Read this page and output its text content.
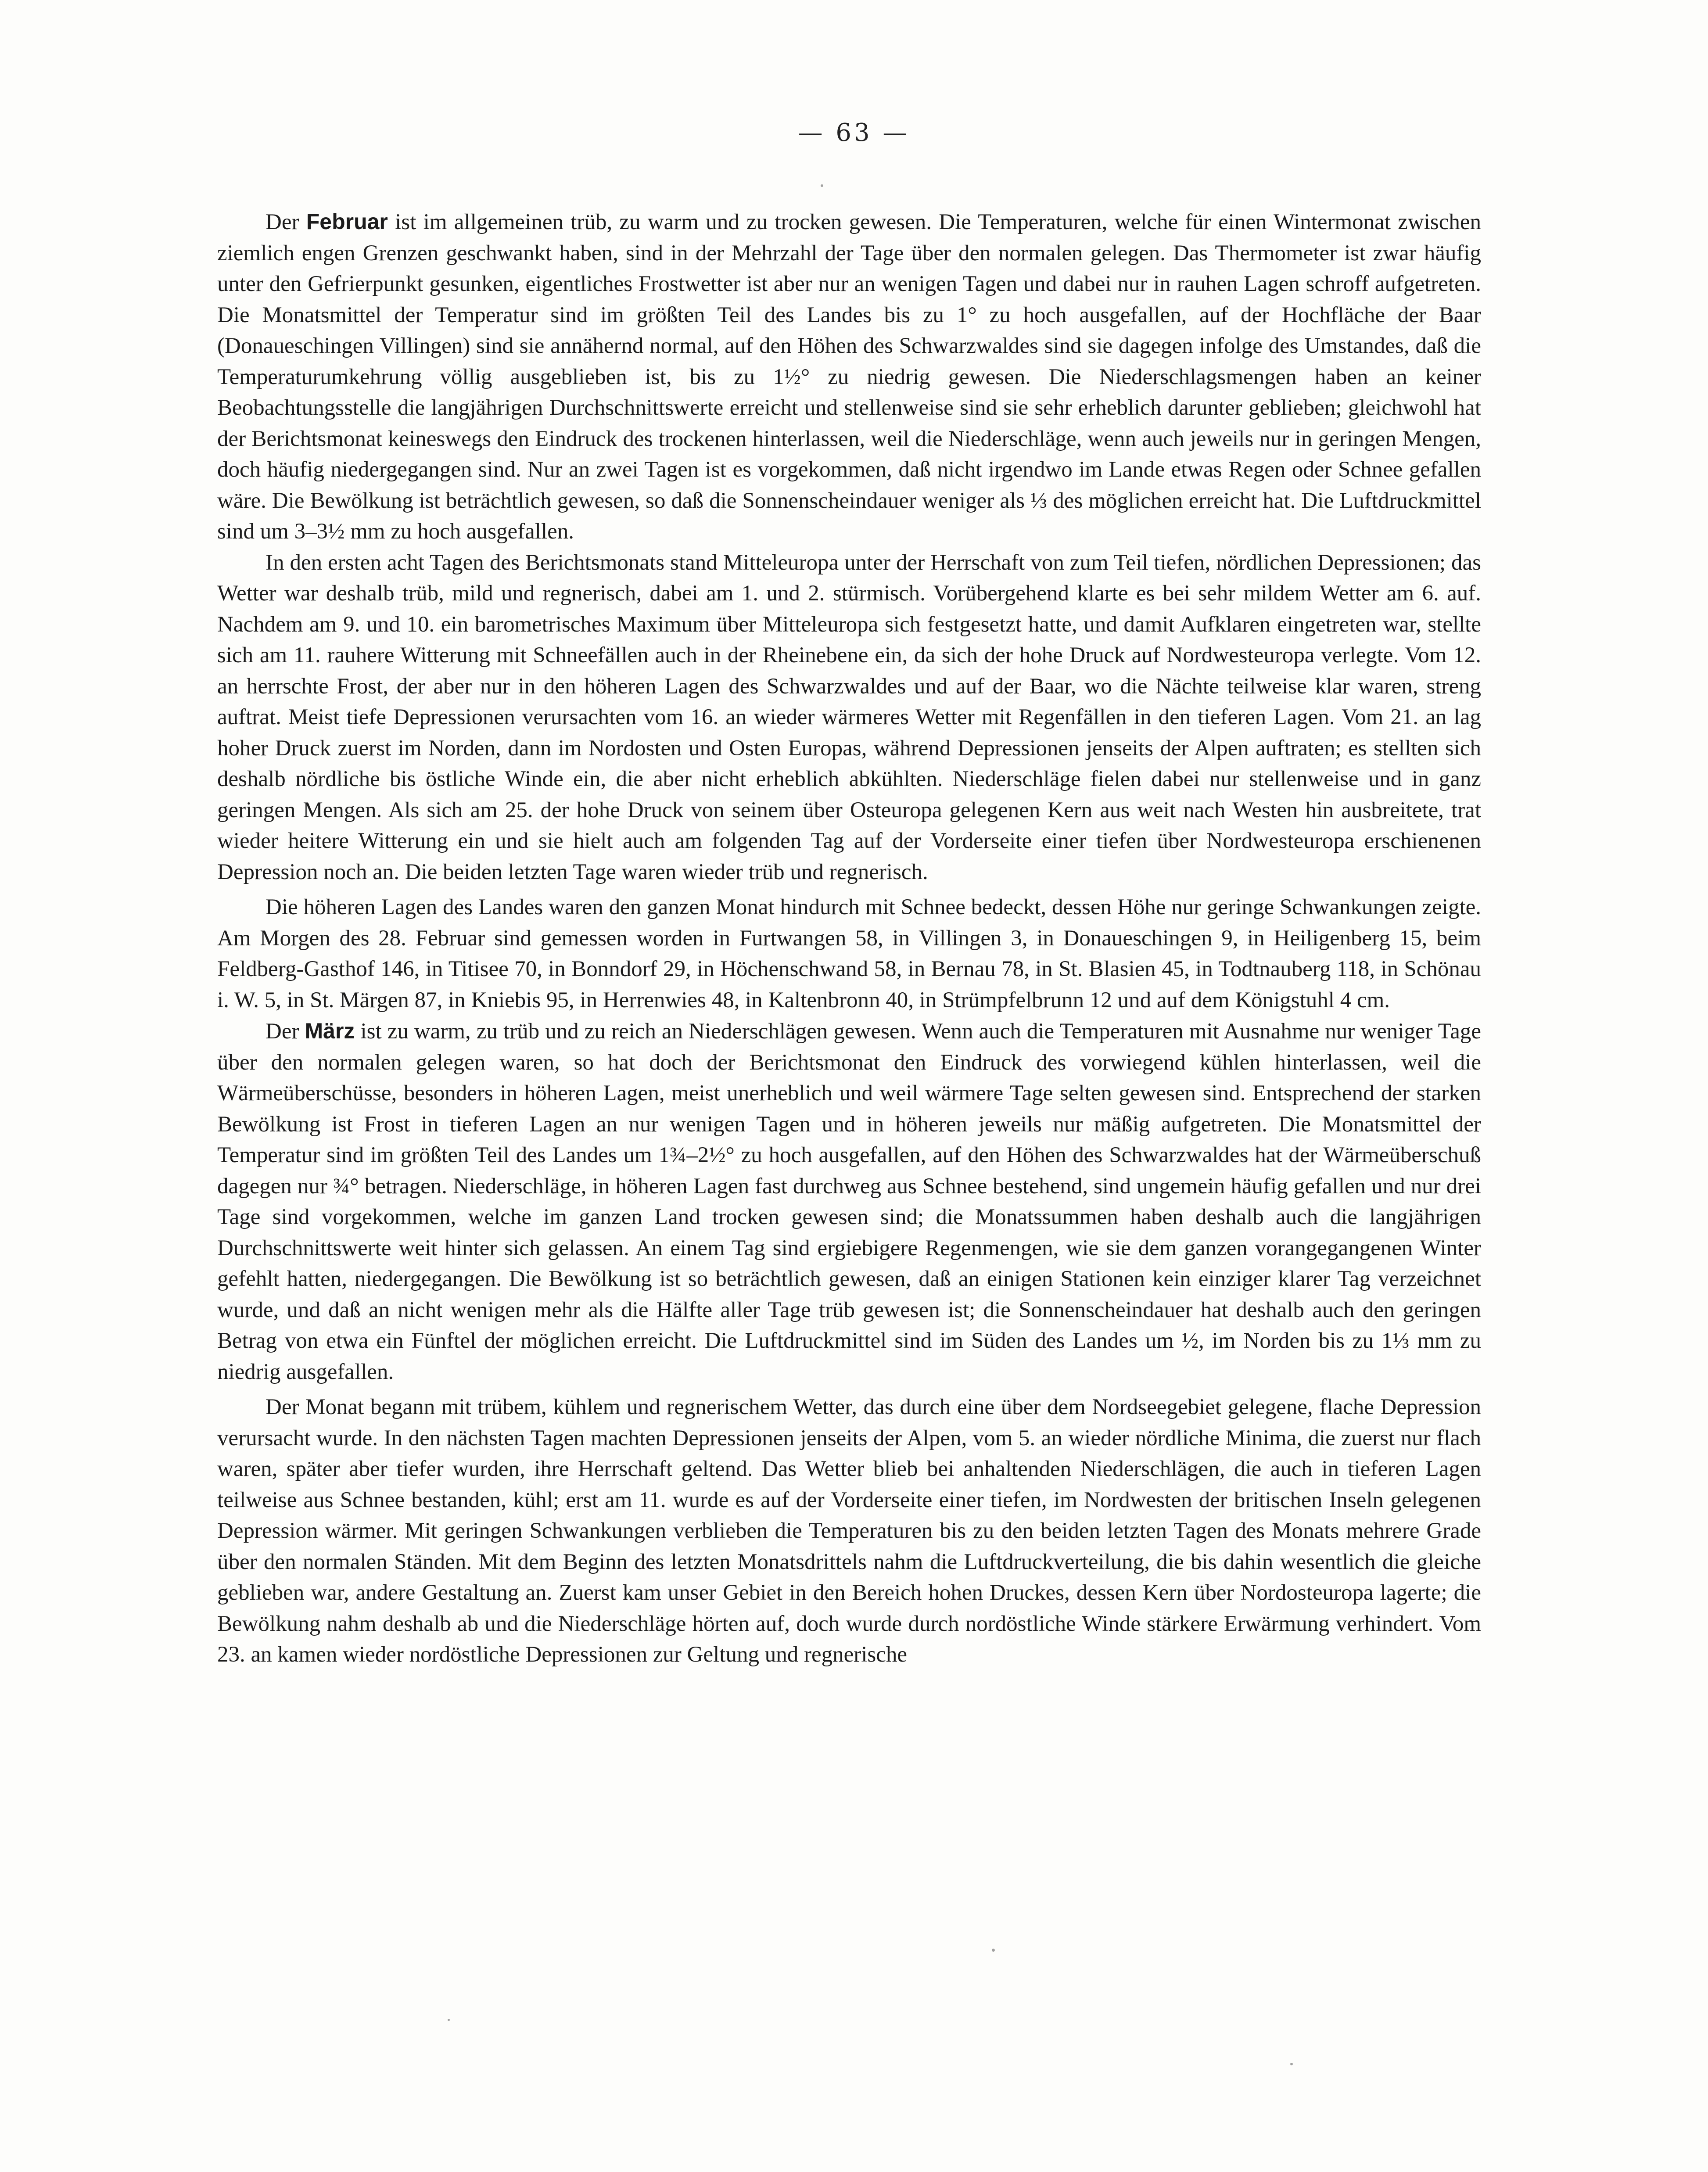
— 63 —

Der Februar ist im allgemeinen trüb, zu warm und zu trocken gewesen. Die Temperaturen, welche für einen Wintermonat zwischen ziemlich engen Grenzen geschwankt haben, sind in der Mehrzahl der Tage über den normalen gelegen. Das Thermometer ist zwar häufig unter den Gefrierpunkt gesunken, eigentliches Frostwetter ist aber nur an wenigen Tagen und dabei nur in rauhen Lagen schroff aufgetreten. Die Monatsmittel der Temperatur sind im größten Teil des Landes bis zu 1° zu hoch ausgefallen, auf der Hochfläche der Baar (Donaueschingen Villingen) sind sie annähernd normal, auf den Höhen des Schwarzwaldes sind sie dagegen infolge des Umstandes, daß die Temperaturumkehrung völlig ausgeblieben ist, bis zu 1½° zu niedrig gewesen. Die Niederschlagsmengen haben an keiner Beobachtungsstelle die langjährigen Durchschnittswerte erreicht und stellenweise sind sie sehr erheblich darunter geblieben; gleichwohl hat der Berichtsmonat keineswegs den Eindruck des trockenen hinterlassen, weil die Niederschläge, wenn auch jeweils nur in geringen Mengen, doch häufig niedergegangen sind. Nur an zwei Tagen ist es vorgekommen, daß nicht irgendwo im Lande etwas Regen oder Schnee gefallen wäre. Die Bewölkung ist beträchtlich gewesen, so daß die Sonnenscheindauer weniger als ⅓ des möglichen erreicht hat. Die Luftdruckmittel sind um 3–3½ mm zu hoch ausgefallen.

In den ersten acht Tagen des Berichtsmonats stand Mitteleuropa unter der Herrschaft von zum Teil tiefen, nördlichen Depressionen; das Wetter war deshalb trüb, mild und regnerisch, dabei am 1. und 2. stürmisch. Vorübergehend klarte es bei sehr mildem Wetter am 6. auf. Nachdem am 9. und 10. ein barometrisches Maximum über Mitteleuropa sich festgesetzt hatte, und damit Aufklaren eingetreten war, stellte sich am 11. rauhere Witterung mit Schneefällen auch in der Rheinebene ein, da sich der hohe Druck auf Nordwesteuropa verlegte. Vom 12. an herrschte Frost, der aber nur in den höheren Lagen des Schwarzwaldes und auf der Baar, wo die Nächte teilweise klar waren, streng auftrat. Meist tiefe Depressionen verursachten vom 16. an wieder wärmeres Wetter mit Regenfällen in den tieferen Lagen. Vom 21. an lag hoher Druck zuerst im Norden, dann im Nordosten und Osten Europas, während Depressionen jenseits der Alpen auftraten; es stellten sich deshalb nördliche bis östliche Winde ein, die aber nicht erheblich abkühlten. Niederschläge fielen dabei nur stellenweise und in ganz geringen Mengen. Als sich am 25. der hohe Druck von seinem über Osteuropa gelegenen Kern aus weit nach Westen hin ausbreitete, trat wieder heitere Witterung ein und sie hielt auch am folgenden Tag auf der Vorderseite einer tiefen über Nordwesteuropa erschienenen Depression noch an. Die beiden letzten Tage waren wieder trüb und regnerisch.

Die höheren Lagen des Landes waren den ganzen Monat hindurch mit Schnee bedeckt, dessen Höhe nur geringe Schwankungen zeigte. Am Morgen des 28. Februar sind gemessen worden in Furtwangen 58, in Villingen 3, in Donaueschingen 9, in Heiligenberg 15, beim Feldberg-Gasthof 146, in Titisee 70, in Bonndorf 29, in Höchenschwand 58, in Bernau 78, in St. Blasien 45, in Todtnauberg 118, in Schönau i. W. 5, in St. Märgen 87, in Kniebis 95, in Herrenwies 48, in Kaltenbronn 40, in Strümpfelbrunn 12 und auf dem Königstuhl 4 cm.

Der März ist zu warm, zu trüb und zu reich an Niederschlägen gewesen. Wenn auch die Temperaturen mit Ausnahme nur weniger Tage über den normalen gelegen waren, so hat doch der Berichtsmonat den Eindruck des vorwiegend kühlen hinterlassen, weil die Wärmeüberschüsse, besonders in höheren Lagen, meist unerheblich und weil wärmere Tage selten gewesen sind. Entsprechend der starken Bewölkung ist Frost in tieferen Lagen an nur wenigen Tagen und in höheren jeweils nur mäßig aufgetreten. Die Monatsmittel der Temperatur sind im größten Teil des Landes um 1¾–2½° zu hoch ausgefallen, auf den Höhen des Schwarzwaldes hat der Wärmeüberschuß dagegen nur ¾° betragen. Niederschläge, in höheren Lagen fast durchweg aus Schnee bestehend, sind ungemein häufig gefallen und nur drei Tage sind vorgekommen, welche im ganzen Land trocken gewesen sind; die Monatssummen haben deshalb auch die langjährigen Durchschnittswerte weit hinter sich gelassen. An einem Tag sind ergiebigere Regenmengen, wie sie dem ganzen vorangegangenen Winter gefehlt hatten, niedergegangen. Die Bewölkung ist so beträchtlich gewesen, daß an einigen Stationen kein einziger klarer Tag verzeichnet wurde, und daß an nicht wenigen mehr als die Hälfte aller Tage trüb gewesen ist; die Sonnenscheindauer hat deshalb auch den geringen Betrag von etwa ein Fünftel der möglichen erreicht. Die Luftdruckmittel sind im Süden des Landes um ½, im Norden bis zu 1⅓ mm zu niedrig ausgefallen.

Der Monat begann mit trübem, kühlem und regnerischem Wetter, das durch eine über dem Nordseegebiet gelegene, flache Depression verursacht wurde. In den nächsten Tagen machten Depressionen jenseits der Alpen, vom 5. an wieder nördliche Minima, die zuerst nur flach waren, später aber tiefer wurden, ihre Herrschaft geltend. Das Wetter blieb bei anhaltenden Niederschlägen, die auch in tieferen Lagen teilweise aus Schnee bestanden, kühl; erst am 11. wurde es auf der Vorderseite einer tiefen, im Nordwesten der britischen Inseln gelegenen Depression wärmer. Mit geringen Schwankungen verblieben die Temperaturen bis zu den beiden letzten Tagen des Monats mehrere Grade über den normalen Ständen. Mit dem Beginn des letzten Monatsdrittels nahm die Luftdruckverteilung, die bis dahin wesentlich die gleiche geblieben war, andere Gestaltung an. Zuerst kam unser Gebiet in den Bereich hohen Druckes, dessen Kern über Nordosteuropa lagerte; die Bewölkung nahm deshalb ab und die Niederschläge hörten auf, doch wurde durch nordöstliche Winde stärkere Erwärmung verhindert. Vom 23. an kamen wieder nordöstliche Depressionen zur Geltung und regnerische
